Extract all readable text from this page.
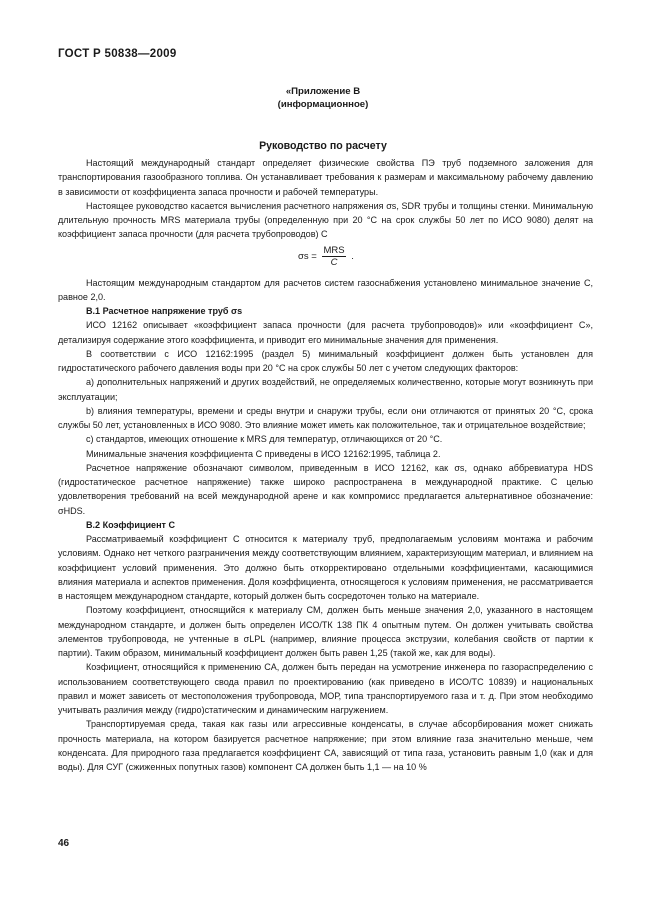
ГОСТ Р 50838—2009
«Приложение В
(информационное)
Руководство по расчету

Настоящий международный стандарт определяет физические свойства ПЭ труб подземного заложения для транспортирования газообразного топлива. Он устанавливает требования к размерам и максимальному рабочему давлению в зависимости от коэффициента запаса прочности и рабочей температуры.

Настоящее руководство касается вычисления расчетного напряжения σs, SDR трубы и толщины стенки. Минимальную длительную прочность MRS материала трубы (определенную при 20 °С на срок службы 50 лет по ИСО 9080) делят на коэффициент запаса прочности (для расчета трубопроводов) С

$\sigma s = \frac{\text{MRS}}{C}$ .

Настоящим международным стандартом для расчетов систем газоснабжения установлено минимальное значение С, равное 2,0.

В.1 Расчетное напряжение труб σs

ИСО 12162 описывает «коэффициент запаса прочности (для расчета трубопроводов)» или «коэффициент С», детализируя содержание этого коэффициента, и приводит его минимальные значения для применения.

В соответствии с ИСО 12162:1995 (раздел 5) минимальный коэффициент должен быть установлен для гидростатического рабочего давления воды при 20 °С на срок службы 50 лет с учетом следующих факторов:

а) дополнительных напряжений и других воздействий, не определяемых количественно, которые могут возникнуть при эксплуатации;

b) влияния температуры, времени и среды внутри и снаружи трубы, если они отличаются от принятых 20 °С, срока службы 50 лет, установленных в ИСО 9080. Это влияние может иметь как положительное, так и отрицательное воздействие;

с) стандартов, имеющих отношение к MRS для температур, отличающихся от 20 °С.

Минимальные значения коэффициента С приведены в ИСО 12162:1995, таблица 2.

Расчетное напряжение обозначают символом, приведенным в ИСО 12162, как σs, однако аббревиатура HDS (гидростатическое расчетное напряжение) также широко распространена в международной практике. С целью удовлетворения требований на всей международной арене и как компромисс предлагается альтернативное обозначение: σHDS.

В.2 Коэффициент С

Рассматриваемый коэффициент С относится к материалу труб, предполагаемым условиям монтажа и рабочим условиям. Однако нет четкого разграничения между соответствующим влиянием, характеризующим материал, и влиянием на коэффициент условий применения. Это должно быть откорректировано отдельными коэффициентами, касающимися влияния материала и аспектов применения. Доля коэффициента, относящегося к условиям применения, не рассматривается в настоящем международном стандарте, который должен быть сосредоточен только на материале.

Поэтому коэффициент, относящийся к материалу СM, должен быть меньше значения 2,0, указанного в настоящем международном стандарте, и должен быть определен ИСО/ТК 138 ПК 4 опытным путем. Он должен учитывать свойства элементов трубопровода, не учтенные в σLPL (например, влияние процесса экструзии, колебания свойств от партии к партии). Таким образом, минимальный коэффициент должен быть равен 1,25 (такой же, как для воды).

Коэфициент, относящийся к применению СA, должен быть передан на усмотрение инженера по газораспределению с использованием соответствующего свода правил по проектированию (как приведено в ИСО/ТС 10839) и национальных правил и может зависеть от местоположения трубопровода, МОР, типа транспортируемого газа и т. д. При этом необходимо учитывать различия между (гидро)статическим и динамическим нагружением.

Транспортируемая среда, такая как газы или агрессивные конденсаты, в случае абсорбирования может снижать прочность материала, на котором базируется расчетное напряжение; при этом влияние газа значительно меньше, чем конденсата. Для природного газа предлагается коэффициент СA, зависящий от типа газа, установить равным 1,0 (как и для воды). Для СУГ (сжиженных попутных газов) компонент СA должен быть 1,1 — на 10 %

46
